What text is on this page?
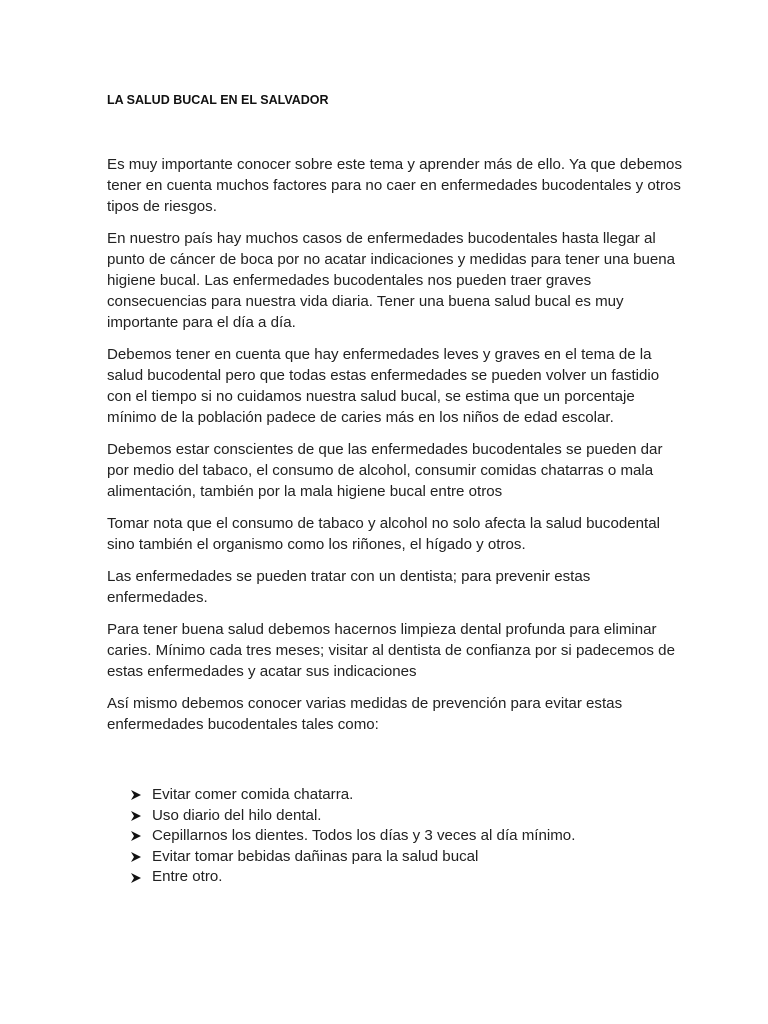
LA SALUD BUCAL EN EL SALVADOR

Es muy importante conocer sobre este tema y aprender más de ello. Ya que debemos tener en cuenta muchos factores para no caer en enfermedades bucodentales y otros tipos de riesgos.

En nuestro país hay muchos casos de enfermedades bucodentales hasta llegar al punto de cáncer de boca por no acatar indicaciones y medidas para tener una buena higiene bucal. Las enfermedades bucodentales nos pueden traer graves consecuencias para nuestra vida diaria. Tener una buena salud bucal es muy importante para el día a día.

Debemos tener en cuenta que hay enfermedades leves y graves en el tema de la salud bucodental pero que todas estas enfermedades se pueden volver un fastidio con el tiempo si no cuidamos nuestra salud bucal, se estima que un porcentaje mínimo de la población padece de caries más en los niños de edad escolar.

Debemos estar conscientes de que las enfermedades bucodentales se pueden dar por medio del tabaco, el consumo de alcohol, consumir comidas chatarras o mala alimentación, también por la mala higiene bucal entre otros

Tomar nota que el consumo de tabaco y alcohol no solo afecta la salud bucodental sino también el organismo como los riñones, el hígado y otros.

Las enfermedades se pueden tratar con un dentista; para prevenir estas enfermedades.

Para tener buena salud debemos hacernos limpieza dental profunda para eliminar caries. Mínimo cada tres meses; visitar al dentista de confianza por si padecemos de estas enfermedades y acatar sus indicaciones

Así mismo debemos conocer varias medidas de prevención para evitar estas enfermedades bucodentales tales como:

Evitar comer comida chatarra.
Uso diario del hilo dental.
Cepillarnos los dientes. Todos los días y 3 veces al día mínimo.
Evitar tomar bebidas dañinas para la salud bucal
Entre otro.
